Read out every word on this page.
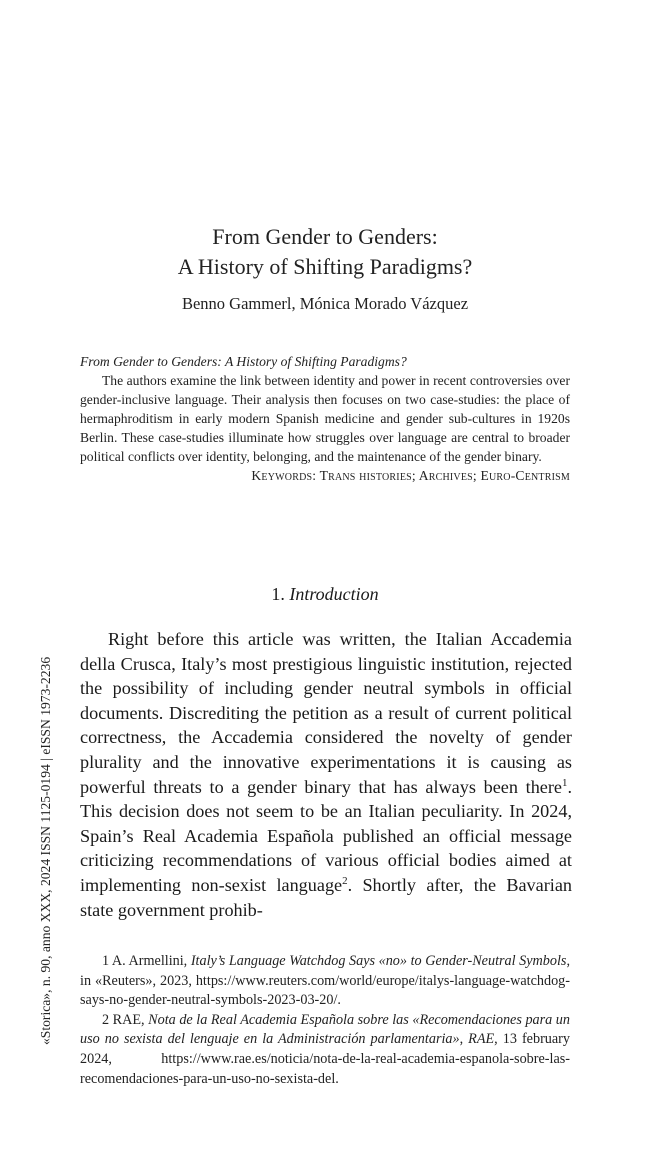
From Gender to Genders:
A History of Shifting Paradigms?
Benno Gammerl, Mónica Morado Vázquez

From Gender to Genders: A History of Shifting Paradigms?

The authors examine the link between identity and power in recent controversies over gender-inclusive language. Their analysis then focuses on two case-studies: the place of hermaphroditism in early modern Spanish medicine and gender sub-cultures in 1920s Berlin. These case-studies illuminate how struggles over language are central to broader political conflicts over identity, belonging, and the maintenance of the gender binary.

Keywords: Trans histories; Archives; Euro-Centrism

1. Introduction

Right before this article was written, the Italian Accademia della Crusca, Italy’s most prestigious linguistic institution, rejected the possibility of including gender neutral symbols in official documents. Discrediting the petition as a result of current political correctness, the Accademia considered the novelty of gender plurality and the innovative experimentations it is causing as powerful threats to a gender binary that has always been there$^1$. This decision does not seem to be an Italian peculiarity. In 2024, Spain’s Real Academia Española published an official message criticizing recommendations of various official bodies aimed at implementing non-sexist language$^2$. Shortly after, the Bavarian state government prohib-

1 A. Armellini, Italy’s Language Watchdog Says «no» to Gender-Neutral Symbols, in «Reuters», 2023, https://www.reuters.com/world/europe/italys-language-watchdog-says-no-gender-neutral-symbols-2023-03-20/.

2 RAE, Nota de la Real Academia Española sobre las «Recomendaciones para un uso no sexista del lenguaje en la Administración parlamentaria», RAE, 13 february 2024, https://www.rae.es/noticia/nota-de-la-real-academia-espanola-sobre-las-recomendaciones-para-un-uso-no-sexista-del.

«Storica», n. 90, anno XXX, 2024 ISSN 1125-0194 | eISSN 1973-2236
